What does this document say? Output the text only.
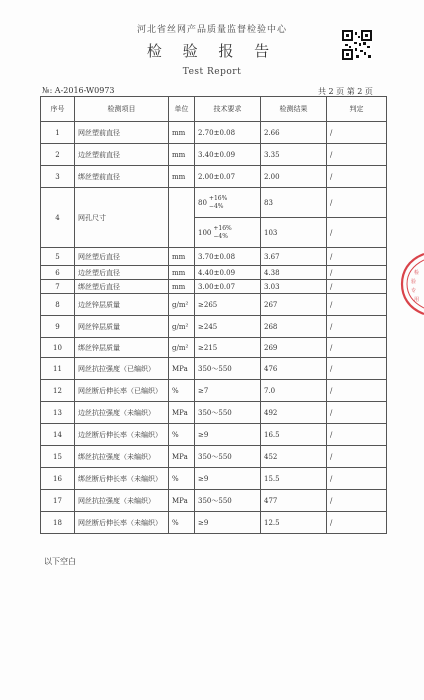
河北省丝网产品质量监督检验中心
检 验 报 告
Test Report
№: A-2016-W0973	共 2 页 第 2 页
序号	检测项目	单位	技术要求	检测结果	判定
1	网丝塑前直径	mm	2.70±0.08	2.66	/
2	边丝塑前直径	mm	3.40±0.09	3.35	/
3	绑丝塑前直径	mm	2.00±0.07	2.00	/
4	网孔尺寸		80
+16%
−4%	83	/

			100
+16%
−4%	103	/
5	网丝塑后直径	mm	3.70±0.08	3.67	/
6	边丝塑后直径	mm	4.40±0.09	4.38	/
7	绑丝塑后直径	mm	3.00±0.07	3.03	/
8	边丝锌层质量	g/m²	≥265	267	/
9	网丝锌层质量	g/m²	≥245	268	/
10	绑丝锌层质量	g/m²	≥215	269	/
11	网丝抗拉强度（已编织）	MPa	350～550	476	/
12	网丝断后伸长率（已编织）	%	≥7	7.0	/
13	边丝抗拉强度（未编织）	MPa	350～550	492	/
14	边丝断后伸长率（未编织）	%	≥9	16.5	/
15	绑丝抗拉强度（未编织）	MPa	350～550	452	/
16	绑丝断后伸长率（未编织）	%	≥9	15.5	/
17	网丝抗拉强度（未编织）	MPa	350～550	477	/
18	网丝断后伸长率（未编织）	%	≥9	12.5	/
以下空白
检
验
专
用
